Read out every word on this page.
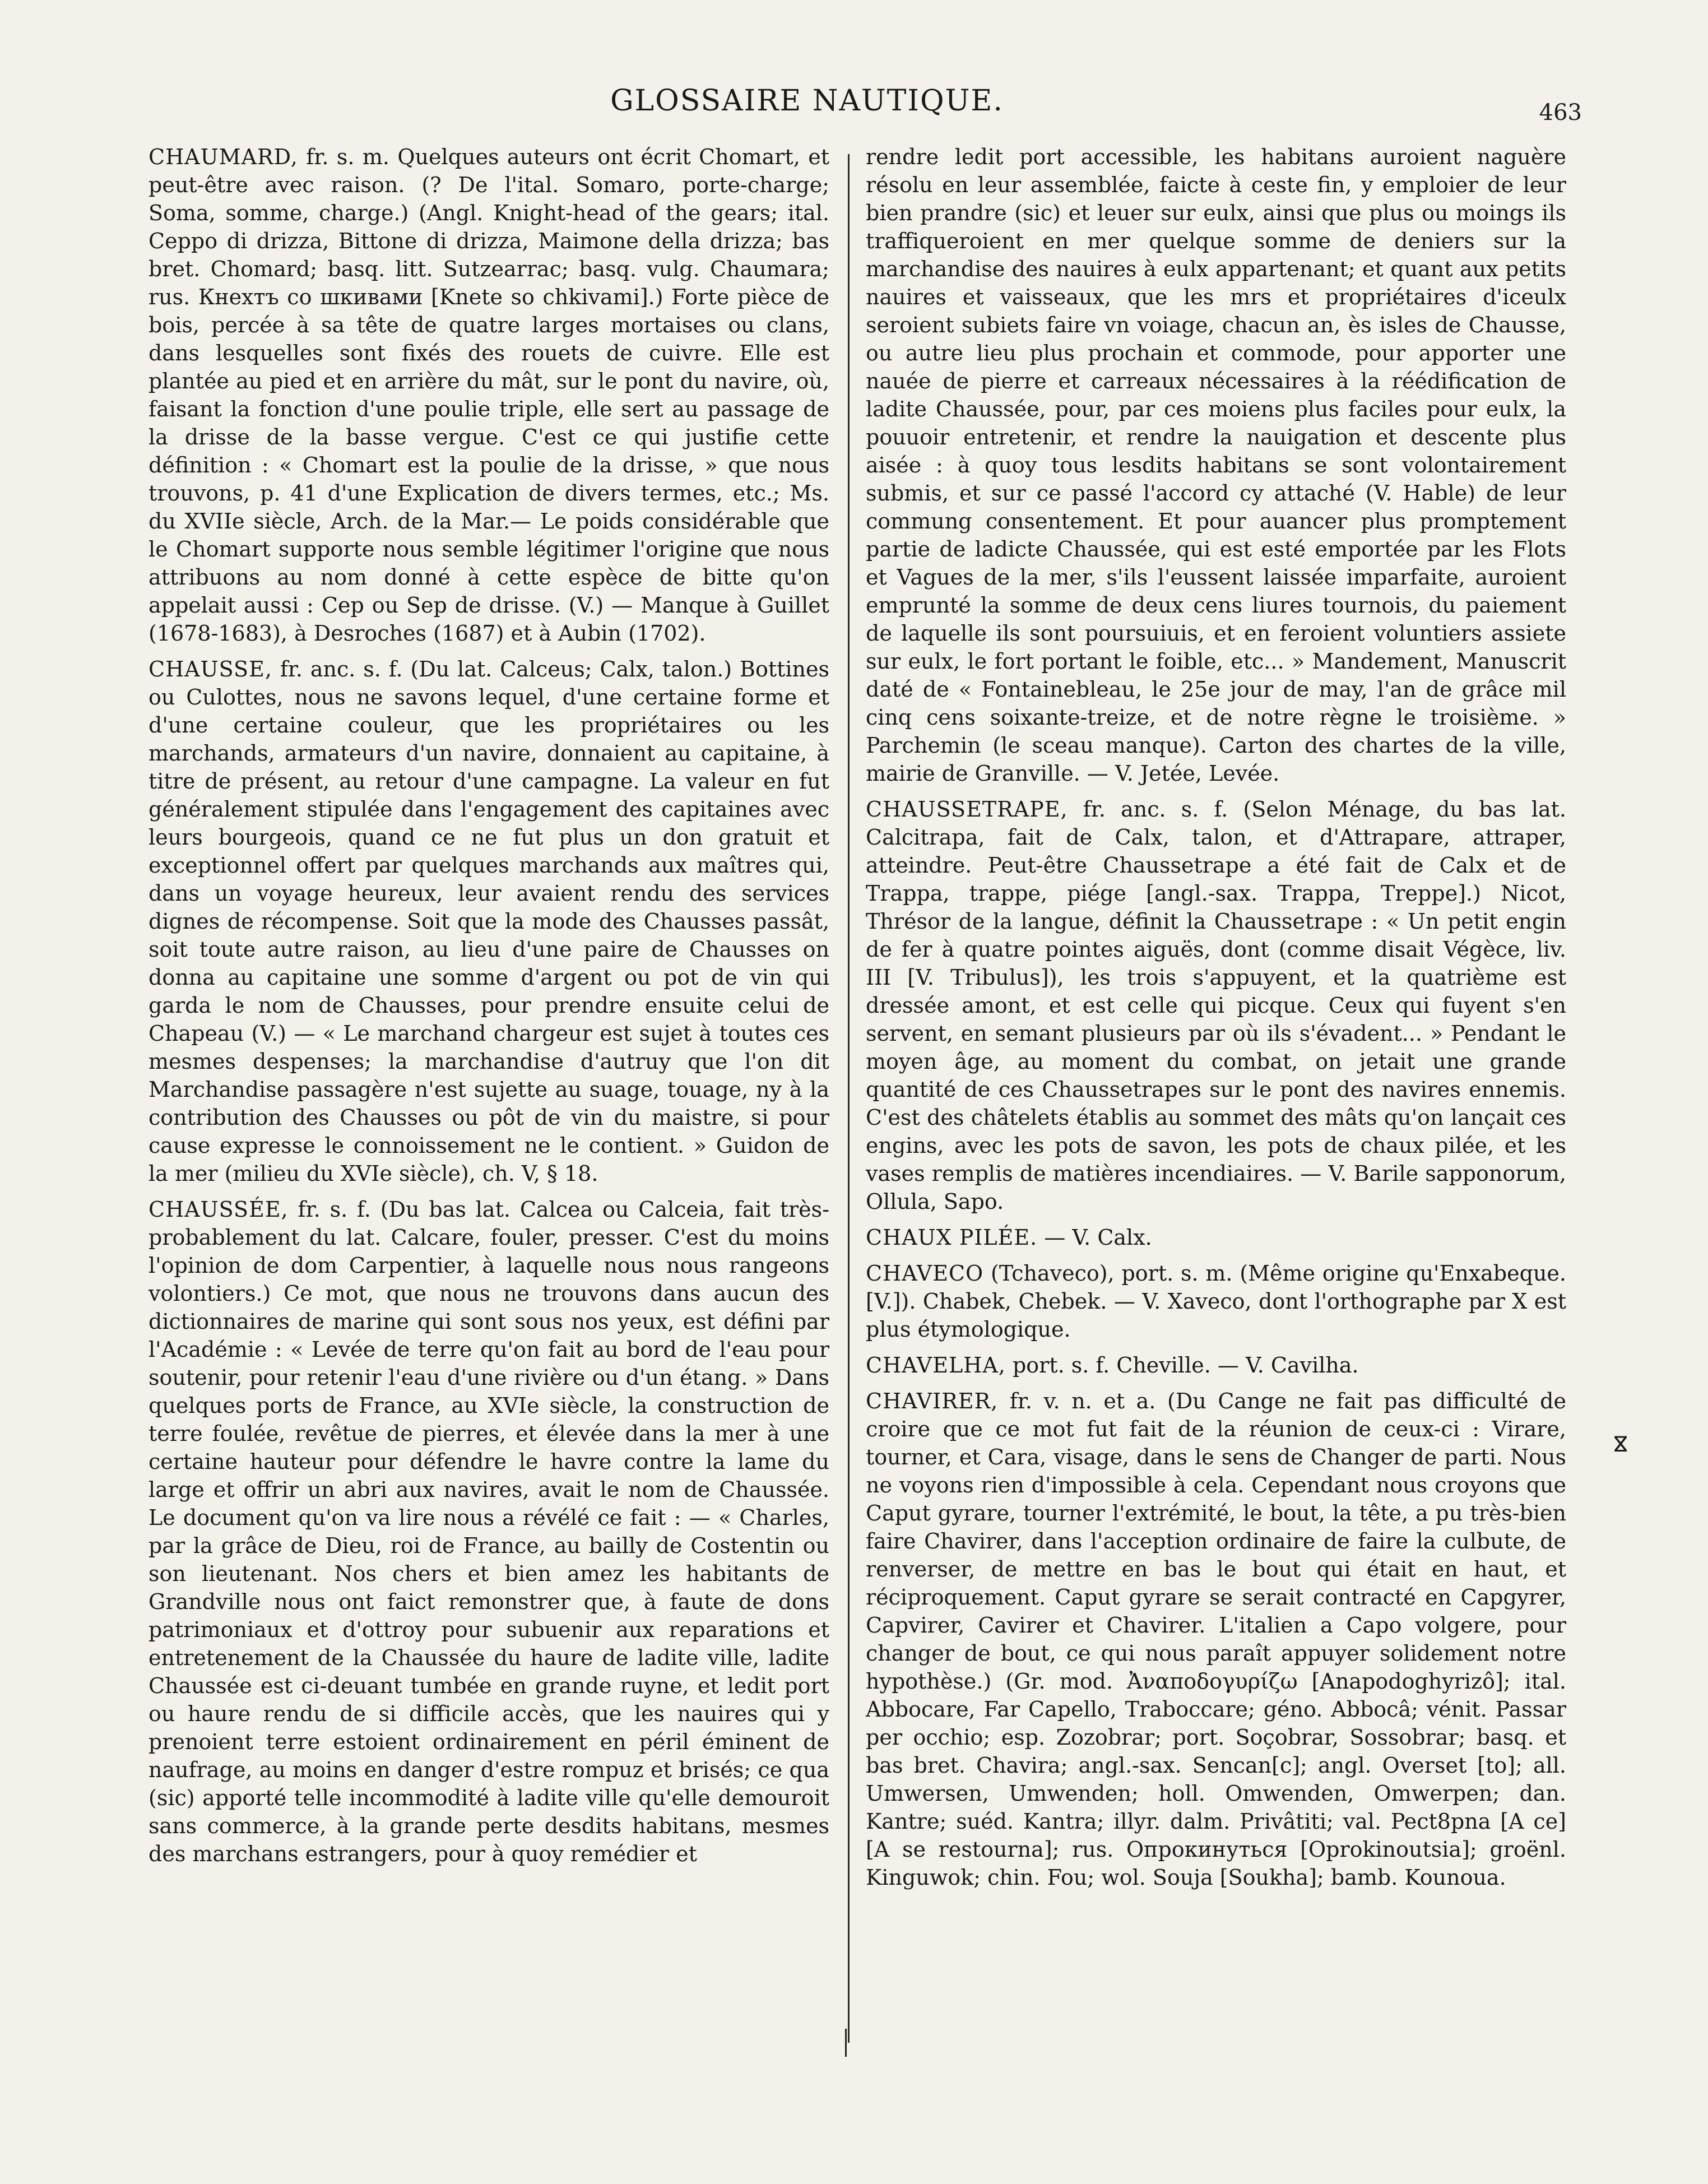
GLOSSAIRE NAUTIQUE.	463

CHAUMARD, fr. s. m. Quelques auteurs ont écrit Chomart, et peut-être avec raison. (? De l'ital. Somaro, porte-charge; Soma, somme, charge.) (Angl. Knight-head of the gears; ital. Ceppo di drizza, Bittone di drizza, Maimone della drizza; bas bret. Chomard; basq. litt. Sutzearrac; basq. vulg. Chaumara; rus. Кнехтъ со шкивами [Knete so chkivami].) Forte pièce de bois, percée à sa tête de quatre larges mortaises ou clans, dans lesquelles sont fixés des rouets de cuivre. Elle est plantée au pied et en arrière du mât, sur le pont du navire, où, faisant la fonction d'une poulie triple, elle sert au passage de la drisse de la basse vergue. C'est ce qui justifie cette définition : « Chomart est la poulie de la drisse, » que nous trouvons, p. 41 d'une Explication de divers termes, etc.; Ms. du XVIIe siècle, Arch. de la Mar.— Le poids considérable que le Chomart supporte nous semble légitimer l'origine que nous attribuons au nom donné à cette espèce de bitte qu'on appelait aussi : Cep ou Sep de drisse. (V.) — Manque à Guillet (1678-1683), à Desroches (1687) et à Aubin (1702).

CHAUSSE, fr. anc. s. f. (Du lat. Calceus; Calx, talon.) Bottines ou Culottes, nous ne savons lequel, d'une certaine forme et d'une certaine couleur, que les propriétaires ou les marchands, armateurs d'un navire, donnaient au capitaine, à titre de présent, au retour d'une campagne. La valeur en fut généralement stipulée dans l'engagement des capitaines avec leurs bourgeois, quand ce ne fut plus un don gratuit et exceptionnel offert par quelques marchands aux maîtres qui, dans un voyage heureux, leur avaient rendu des services dignes de récompense. Soit que la mode des Chausses passât, soit toute autre raison, au lieu d'une paire de Chausses on donna au capitaine une somme d'argent ou pot de vin qui garda le nom de Chausses, pour prendre ensuite celui de Chapeau (V.) — « Le marchand chargeur est sujet à toutes ces mesmes despenses; la marchandise d'autruy que l'on dit Marchandise passagère n'est sujette au suage, touage, ny à la contribution des Chausses ou pôt de vin du maistre, si pour cause expresse le connoissement ne le contient. » Guidon de la mer (milieu du XVIe siècle), ch. V, § 18.

CHAUSSÉE, fr. s. f. (Du bas lat. Calcea ou Calceia, fait très-probablement du lat. Calcare, fouler, presser. C'est du moins l'opinion de dom Carpentier, à laquelle nous nous rangeons volontiers.) Ce mot, que nous ne trouvons dans aucun des dictionnaires de marine qui sont sous nos yeux, est défini par l'Académie : « Levée de terre qu'on fait au bord de l'eau pour soutenir, pour retenir l'eau d'une rivière ou d'un étang. » Dans quelques ports de France, au XVIe siècle, la construction de terre foulée, revêtue de pierres, et élevée dans la mer à une certaine hauteur pour défendre le havre contre la lame du large et offrir un abri aux navires, avait le nom de Chaussée. Le document qu'on va lire nous a révélé ce fait : — « Charles, par la grâce de Dieu, roi de France, au bailly de Costentin ou son lieutenant. Nos chers et bien amez les habitants de Grandville nous ont faict remonstrer que, à faute de dons patrimoniaux et d'ottroy pour subuenir aux reparations et entretenement de la Chaussée du haure de ladite ville, ladite Chaussée est ci-deuant tumbée en grande ruyne, et ledit port ou haure rendu de si difficile accès, que les nauires qui y prenoient terre estoient ordinairement en péril éminent de naufrage, au moins en danger d'estre rompuz et brisés; ce qua (sic) apporté telle incommodité à ladite ville qu'elle demouroit sans commerce, à la grande perte desdits habitans, mesmes des marchans estrangers, pour à quoy remédier et

rendre ledit port accessible, les habitans auroient naguère résolu en leur assemblée, faicte à ceste fin, y emploier de leur bien prandre (sic) et leuer sur eulx, ainsi que plus ou moings ils traffiqueroient en mer quelque somme de deniers sur la marchandise des nauires à eulx appartenant; et quant aux petits nauires et vaisseaux, que les mrs et propriétaires d'iceulx seroient subiets faire vn voiage, chacun an, ès isles de Chausse, ou autre lieu plus prochain et commode, pour apporter une nauée de pierre et carreaux nécessaires à la réédification de ladite Chaussée, pour, par ces moiens plus faciles pour eulx, la pouuoir entretenir, et rendre la nauigation et descente plus aisée : à quoy tous lesdits habitans se sont volontairement submis, et sur ce passé l'accord cy attaché (V. Hable) de leur commung consentement. Et pour auancer plus promptement partie de ladicte Chaussée, qui est esté emportée par les Flots et Vagues de la mer, s'ils l'eussent laissée imparfaite, auroient emprunté la somme de deux cens liures tournois, du paiement de laquelle ils sont poursuiuis, et en feroient voluntiers assiete sur eulx, le fort portant le foible, etc... » Mandement, Manuscrit daté de « Fontainebleau, le 25e jour de may, l'an de grâce mil cinq cens soixante-treize, et de notre règne le troisième. » Parchemin (le sceau manque). Carton des chartes de la ville, mairie de Granville. — V. Jetée, Levée.

CHAUSSETRAPE, fr. anc. s. f. (Selon Ménage, du bas lat. Calcitrapa, fait de Calx, talon, et d'Attrapare, attraper, atteindre. Peut-être Chaussetrape a été fait de Calx et de Trappa, trappe, piége [angl.-sax. Trappa, Treppe].) Nicot, Thrésor de la langue, définit la Chaussetrape : « Un petit engin de fer à quatre pointes aiguës, dont (comme disait Végèce, liv. III [V. Tribulus]), les trois s'appuyent, et la quatrième est dressée amont, et est celle qui picque. Ceux qui fuyent s'en servent, en semant plusieurs par où ils s'évadent... » Pendant le moyen âge, au moment du combat, on jetait une grande quantité de ces Chaussetrapes sur le pont des navires ennemis. C'est des châtelets établis au sommet des mâts qu'on lançait ces engins, avec les pots de savon, les pots de chaux pilée, et les vases remplis de matières incendiaires. — V. Barile sapponorum, Ollula, Sapo.

CHAUX PILÉE. — V. Calx.

CHAVECO (Tchaveco), port. s. m. (Même origine qu'Enxabeque. [V.]). Chabek, Chebek. — V. Xaveco, dont l'orthographe par X est plus étymologique.

CHAVELHA, port. s. f. Cheville. — V. Cavilha.

CHAVIRER, fr. v. n. et a. (Du Cange ne fait pas difficulté de croire que ce mot fut fait de la réunion de ceux-ci : Virare, tourner, et Cara, visage, dans le sens de Changer de parti. Nous ne voyons rien d'impossible à cela. Cependant nous croyons que Caput gyrare, tourner l'extrémité, le bout, la tête, a pu très-bien faire Chavirer, dans l'acception ordinaire de faire la culbute, de renverser, de mettre en bas le bout qui était en haut, et réciproquement. Caput gyrare se serait contracté en Capgyrer, Capvirer, Cavirer et Chavirer. L'italien a Capo volgere, pour changer de bout, ce qui nous paraît appuyer solidement notre hypothèse.) (Gr. mod. Ἀναποδογυρίζω [Anapodoghyrizô]; ital. Abbocare, Far Capello, Traboccare; géno. Abbocâ; vénit. Passar per occhio; esp. Zozobrar; port. Soçobrar, Sossobrar; basq. et bas bret. Chavira; angl.-sax. Sencan[c]; angl. Overset [to]; all. Umwersen, Umwenden; holl. Omwenden, Omwerpen; dan. Kantre; suéd. Kantra; illyr. dalm. Privâtiti; val. Pect8pna [A ce] [A se restourna]; rus. Опрокинуться [Oprokinoutsia]; groënl. Kinguwok; chin. Fou; wol. Souja [Soukha]; bamb. Kounoua.

ⴵ
